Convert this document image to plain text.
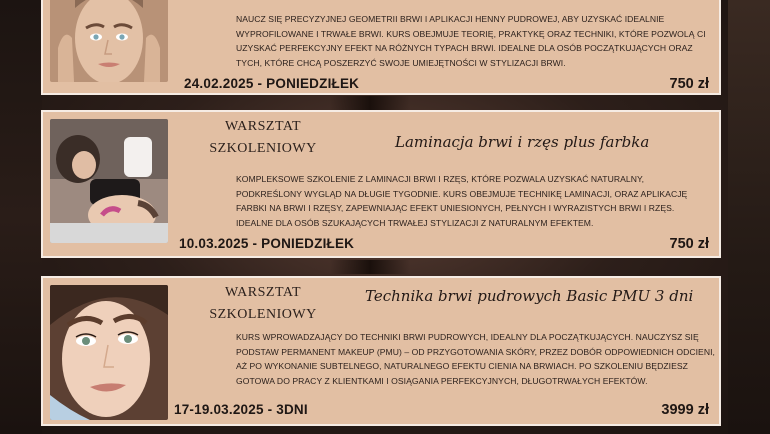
NAUCZ SIĘ PRECYZYJNEJ GEOMETRII BRWI I APLIKACJI HENNY PUDROWEJ, ABY UZYSKAĆ IDEALNIE WYPROFILOWANE I TRWAŁE BRWI. KURS OBEJMUJE TEORIĘ, PRAKTYKĘ ORAZ TECHNIKI, KTÓRE POZWOLĄ CI UZYSKAĆ PERFEKCYJNY EFEKT NA RÓŻNYCH TYPACH BRWI. IDEALNE DLA OSÓB POCZĄTKUJĄCYCH ORAZ TYCH, KTÓRE CHCĄ POSZERZYĆ SWOJE UMIEJĘTNOŚCI W STYLIZACJI BRWI.
24.02.2025 - PONIEDZIŁEK	750 zł
WARSZTAT
SZKOLENIOWY	Laminacja brwi i rzęs plus farbka
KOMPLEKSOWE SZKOLENIE Z LAMINACJI BRWI I RZĘS, KTÓRE POZWALA UZYSKAĆ NATURALNY, PODKREŚLONY WYGLĄD NA DŁUGIE TYGODNIE. KURS OBEJMUJE TECHNIKĘ LAMINACJI, ORAZ APLIKACJĘ FARBKI NA BRWI I RZĘSY, ZAPEWNIAJĄC EFEKT UNIESIONYCH, PEŁNYCH I WYRAZISTYCH BRWI I RZĘS. IDEALNE DLA OSÓB SZUKAJĄCYCH TRWAŁEJ STYLIZACJI Z NATURALNYM EFEKTEM.
10.03.2025 - PONIEDZIŁEK	750 zł
WARSZTAT
SZKOLENIOWY
Technika brwi pudrowych Basic PMU 3 dni
KURS WPROWADZAJĄCY DO TECHNIKI BRWI PUDROWYCH, IDEALNY DLA POCZĄTKUJĄCYCH. NAUCZYSZ SIĘ PODSTAW PERMANENT MAKEUP (PMU) – OD PRZYGOTOWANIA SKÓRY, PRZEZ DOBÓR ODPOWIEDNICH ODCIENI, AŻ PO WYKONANIE SUBTELNEGO, NATURALNEGO EFEKTU CIENIA NA BRWIACH. PO SZKOLENIU BĘDZIESZ GOTOWA DO PRACY Z KLIENTKAMI I OSIĄGANIA PERFEKCYJNYCH, DŁUGOTRWAŁYCH EFEKTÓW.
17-19.03.2025 - 3DNI	3999 zł
